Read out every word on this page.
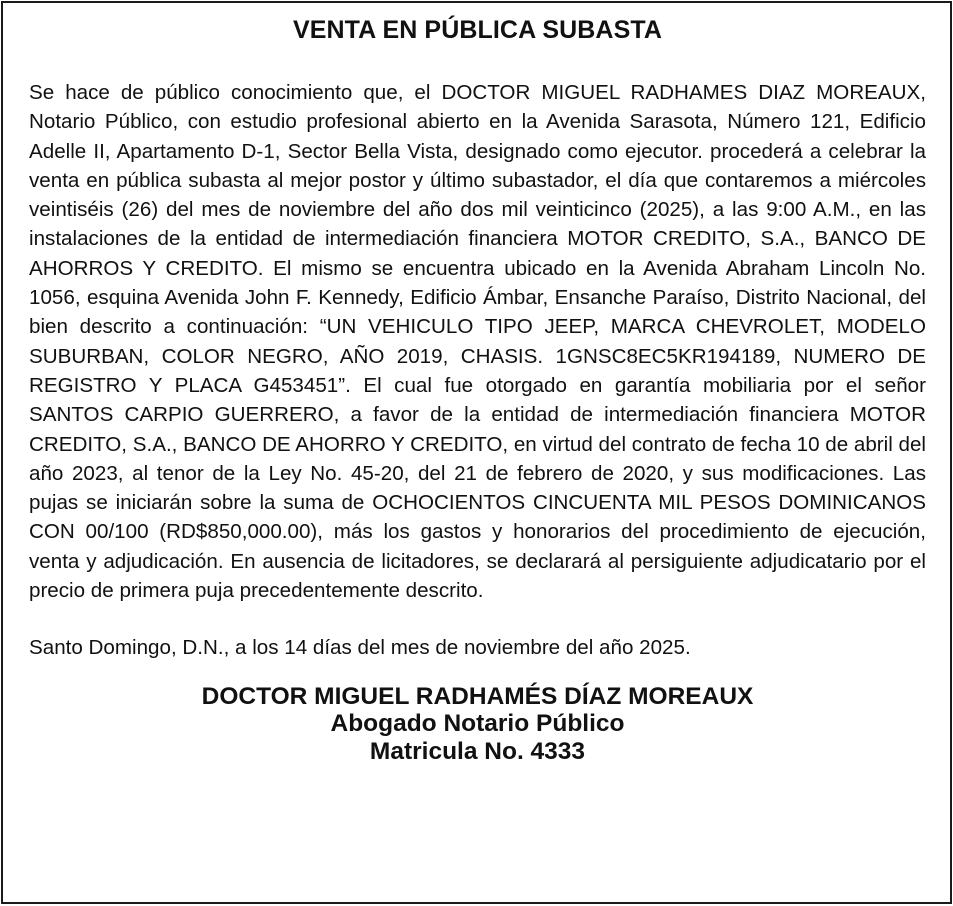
VENTA EN PÚBLICA SUBASTA

Se hace de público conocimiento que, el DOCTOR MIGUEL RADHAMES DIAZ MOREAUX, Notario Público, con estudio profesional abierto en la Avenida Sarasota, Número 121, Edificio Adelle II, Apartamento D-1, Sector Bella Vista, designado como ejecutor. procederá a celebrar la venta en pública subasta al mejor postor y último subastador, el día que contaremos a miércoles veintiséis (26) del mes de noviembre del año dos mil veinticinco (2025), a las 9:00 A.M., en las instalaciones de la entidad de intermediación financiera MOTOR CREDITO, S.A., BANCO DE AHORROS Y CREDITO. El mismo se encuentra ubicado en la Avenida Abraham Lincoln No. 1056, esquina Avenida John F. Kennedy, Edificio Ámbar, Ensanche Paraíso, Distrito Nacional, del bien descrito a continuación: “UN VEHICULO TIPO JEEP, MARCA CHEVROLET, MODELO SUBURBAN, COLOR NEGRO, AÑO 2019, CHASIS. 1GNSC8EC5KR194189, NUMERO DE REGISTRO Y PLACA G453451”. El cual fue otorgado en garantía mobiliaria por el señor SANTOS CARPIO GUERRERO, a favor de la entidad de intermediación financiera MOTOR CREDITO, S.A., BANCO DE AHORRO Y CREDITO, en virtud del contrato de fecha 10 de abril del año 2023, al tenor de la Ley No. 45-20, del 21 de febrero de 2020, y sus modificaciones. Las pujas se iniciarán sobre la suma de OCHOCIENTOS CINCUENTA MIL PESOS DOMINICANOS CON 00/100 (RD$850,000.00), más los gastos y honorarios del procedimiento de ejecución, venta y adjudicación. En ausencia de licitadores, se declarará al persiguiente adjudicatario por el precio de primera puja precedentemente descrito.

Santo Domingo, D.N., a los 14 días del mes de noviembre del año 2025.

DOCTOR MIGUEL RADHAMÉS DÍAZ MOREAUX
Abogado Notario Público
Matricula No. 4333
